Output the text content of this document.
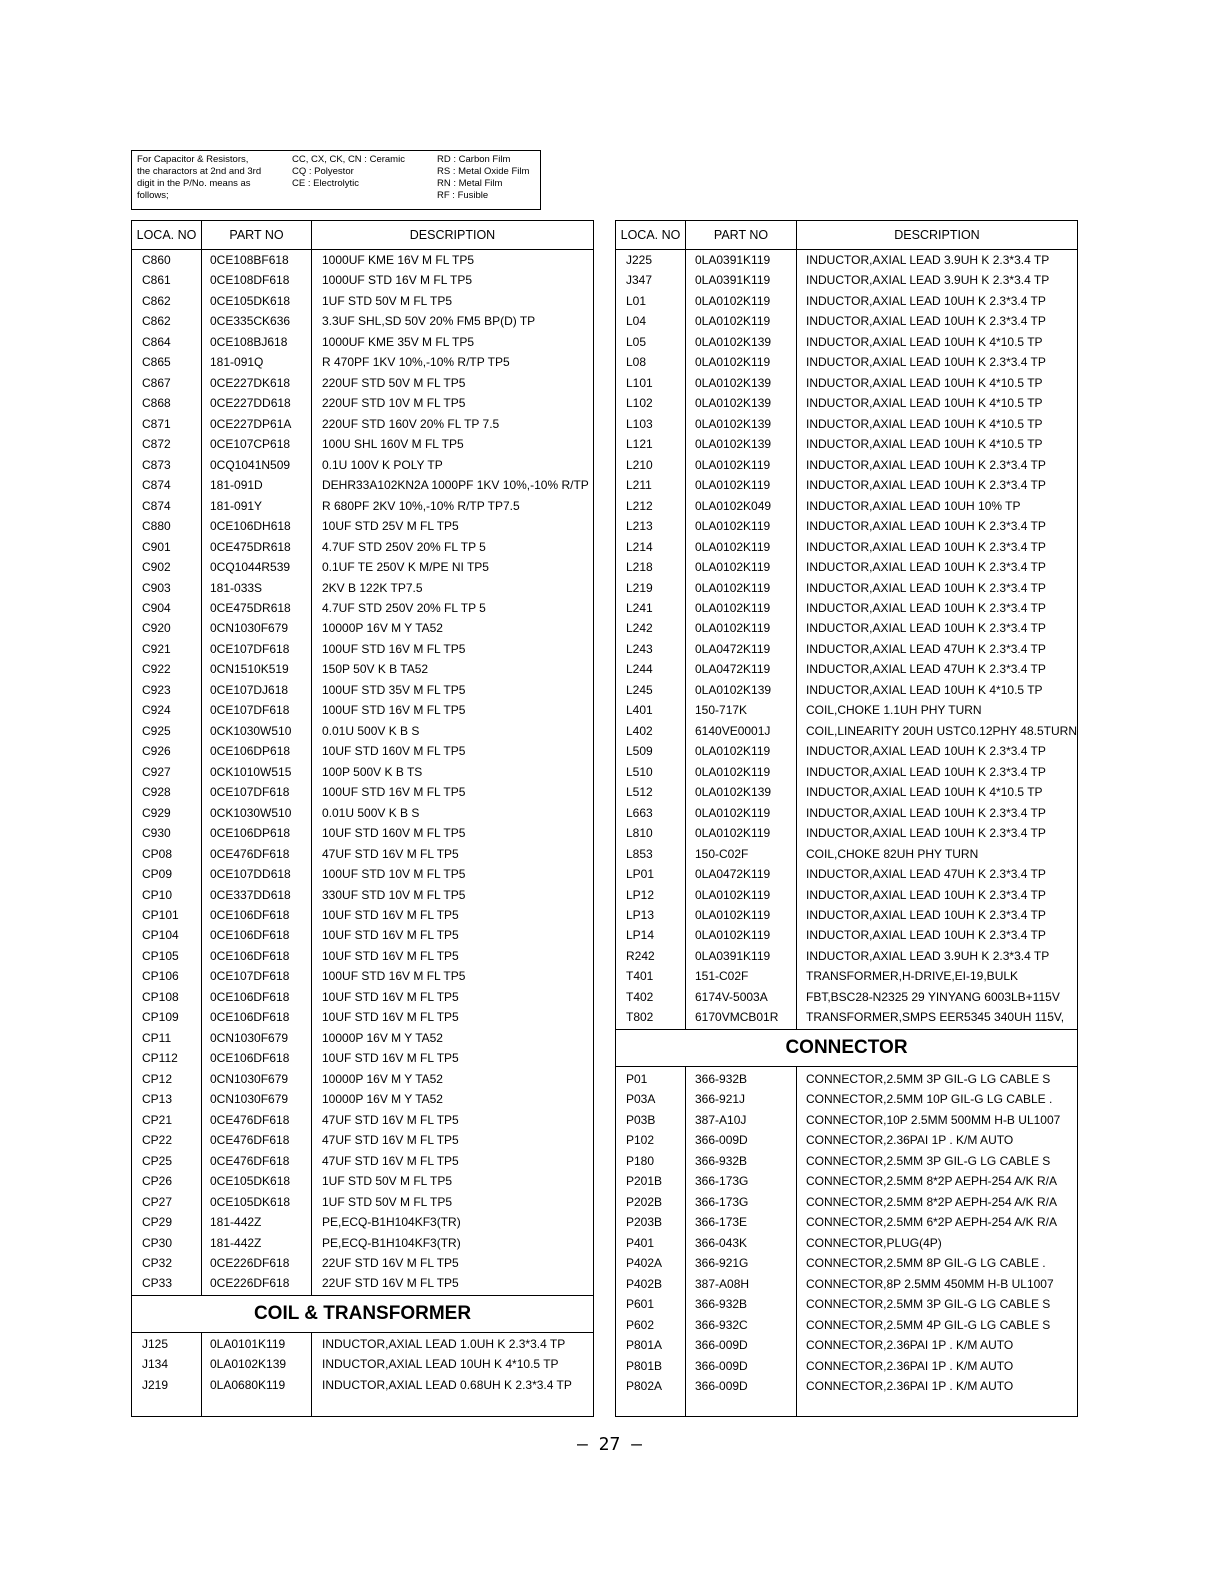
For Capacitor & Resistors,
the charactors at 2nd and 3rd
digit in the P/No. means as
follows;
CC, CX, CK, CN : Ceramic
CQ : Polyestor
CE : Electrolytic
RD : Carbon Film
RS : Metal Oxide Film
RN : Metal Film
RF : Fusible
LOCA. NO	PART NO	DESCRIPTION
C860	0CE108BF618	1000UF KME 16V M FL TP5
C861	0CE108DF618	1000UF STD 16V M FL TP5
C862	0CE105DK618	1UF STD 50V M FL TP5
C862	0CE335CK636	3.3UF SHL,SD 50V 20% FM5 BP(D) TP
C864	0CE108BJ618	1000UF KME 35V M FL TP5
C865	181-091Q	R 470PF 1KV 10%,-10% R/TP TP5
C867	0CE227DK618	220UF STD 50V M FL TP5
C868	0CE227DD618	220UF STD 10V M FL TP5
C871	0CE227DP61A	220UF STD 160V 20% FL TP 7.5
C872	0CE107CP618	100U SHL 160V M FL TP5
C873	0CQ1041N509	0.1U 100V K POLY TP
C874	181-091D	DEHR33A102KN2A 1000PF 1KV 10%,-10% R/TP
C874	181-091Y	R 680PF 2KV 10%,-10% R/TP TP7.5
C880	0CE106DH618	10UF STD 25V M FL TP5
C901	0CE475DR618	4.7UF STD 250V 20% FL TP 5
C902	0CQ1044R539	0.1UF TE 250V K M/PE NI TP5
C903	181-033S	2KV B 122K TP7.5
C904	0CE475DR618	4.7UF STD 250V 20% FL TP 5
C920	0CN1030F679	10000P 16V M Y TA52
C921	0CE107DF618	100UF STD 16V M FL TP5
C922	0CN1510K519	150P 50V K B TA52
C923	0CE107DJ618	100UF STD 35V M FL TP5
C924	0CE107DF618	100UF STD 16V M FL TP5
C925	0CK1030W510	0.01U 500V K B S
C926	0CE106DP618	10UF STD 160V M FL TP5
C927	0CK1010W515	100P 500V K B TS
C928	0CE107DF618	100UF STD 16V M FL TP5
C929	0CK1030W510	0.01U 500V K B S
C930	0CE106DP618	10UF STD 160V M FL TP5
CP08	0CE476DF618	47UF STD 16V M FL TP5
CP09	0CE107DD618	100UF STD 10V M FL TP5
CP10	0CE337DD618	330UF STD 10V M FL TP5
CP101	0CE106DF618	10UF STD 16V M FL TP5
CP104	0CE106DF618	10UF STD 16V M FL TP5
CP105	0CE106DF618	10UF STD 16V M FL TP5
CP106	0CE107DF618	100UF STD 16V M FL TP5
CP108	0CE106DF618	10UF STD 16V M FL TP5
CP109	0CE106DF618	10UF STD 16V M FL TP5
CP11	0CN1030F679	10000P 16V M Y TA52
CP112	0CE106DF618	10UF STD 16V M FL TP5
CP12	0CN1030F679	10000P 16V M Y TA52
CP13	0CN1030F679	10000P 16V M Y TA52
CP21	0CE476DF618	47UF STD 16V M FL TP5
CP22	0CE476DF618	47UF STD 16V M FL TP5
CP25	0CE476DF618	47UF STD 16V M FL TP5
CP26	0CE105DK618	1UF STD 50V M FL TP5
CP27	0CE105DK618	1UF STD 50V M FL TP5
CP29	181-442Z	PE,ECQ-B1H104KF3(TR)
CP30	181-442Z	PE,ECQ-B1H104KF3(TR)
CP32	0CE226DF618	22UF STD 16V M FL TP5
CP33	0CE226DF618	22UF STD 16V M FL TP5
COIL & TRANSFORMER
J125	0LA0101K119	INDUCTOR,AXIAL LEAD 1.0UH K 2.3*3.4 TP
J134	0LA0102K139	INDUCTOR,AXIAL LEAD 10UH K 4*10.5 TP
J219	0LA0680K119	INDUCTOR,AXIAL LEAD 0.68UH K 2.3*3.4 TP
LOCA. NO	PART NO	DESCRIPTION
J225	0LA0391K119	INDUCTOR,AXIAL LEAD 3.9UH K 2.3*3.4 TP
J347	0LA0391K119	INDUCTOR,AXIAL LEAD 3.9UH K 2.3*3.4 TP
L01	0LA0102K119	INDUCTOR,AXIAL LEAD 10UH K 2.3*3.4 TP
L04	0LA0102K119	INDUCTOR,AXIAL LEAD 10UH K 2.3*3.4 TP
L05	0LA0102K139	INDUCTOR,AXIAL LEAD 10UH K 4*10.5 TP
L08	0LA0102K119	INDUCTOR,AXIAL LEAD 10UH K 2.3*3.4 TP
L101	0LA0102K139	INDUCTOR,AXIAL LEAD 10UH K 4*10.5 TP
L102	0LA0102K139	INDUCTOR,AXIAL LEAD 10UH K 4*10.5 TP
L103	0LA0102K139	INDUCTOR,AXIAL LEAD 10UH K 4*10.5 TP
L121	0LA0102K139	INDUCTOR,AXIAL LEAD 10UH K 4*10.5 TP
L210	0LA0102K119	INDUCTOR,AXIAL LEAD 10UH K 2.3*3.4 TP
L211	0LA0102K119	INDUCTOR,AXIAL LEAD 10UH K 2.3*3.4 TP
L212	0LA0102K049	INDUCTOR,AXIAL LEAD 10UH 10% TP
L213	0LA0102K119	INDUCTOR,AXIAL LEAD 10UH K 2.3*3.4 TP
L214	0LA0102K119	INDUCTOR,AXIAL LEAD 10UH K 2.3*3.4 TP
L218	0LA0102K119	INDUCTOR,AXIAL LEAD 10UH K 2.3*3.4 TP
L219	0LA0102K119	INDUCTOR,AXIAL LEAD 10UH K 2.3*3.4 TP
L241	0LA0102K119	INDUCTOR,AXIAL LEAD 10UH K 2.3*3.4 TP
L242	0LA0102K119	INDUCTOR,AXIAL LEAD 10UH K 2.3*3.4 TP
L243	0LA0472K119	INDUCTOR,AXIAL LEAD 47UH K 2.3*3.4 TP
L244	0LA0472K119	INDUCTOR,AXIAL LEAD 47UH K 2.3*3.4 TP
L245	0LA0102K139	INDUCTOR,AXIAL LEAD 10UH K 4*10.5 TP
L401	150-717K	COIL,CHOKE 1.1UH PHY TURN
L402	6140VE0001J	COIL,LINEARITY 20UH USTC0.12PHY 48.5TURN
L509	0LA0102K119	INDUCTOR,AXIAL LEAD 10UH K 2.3*3.4 TP
L510	0LA0102K119	INDUCTOR,AXIAL LEAD 10UH K 2.3*3.4 TP
L512	0LA0102K139	INDUCTOR,AXIAL LEAD 10UH K 4*10.5 TP
L663	0LA0102K119	INDUCTOR,AXIAL LEAD 10UH K 2.3*3.4 TP
L810	0LA0102K119	INDUCTOR,AXIAL LEAD 10UH K 2.3*3.4 TP
L853	150-C02F	COIL,CHOKE 82UH PHY TURN
LP01	0LA0472K119	INDUCTOR,AXIAL LEAD 47UH K 2.3*3.4 TP
LP12	0LA0102K119	INDUCTOR,AXIAL LEAD 10UH K 2.3*3.4 TP
LP13	0LA0102K119	INDUCTOR,AXIAL LEAD 10UH K 2.3*3.4 TP
LP14	0LA0102K119	INDUCTOR,AXIAL LEAD 10UH K 2.3*3.4 TP
R242	0LA0391K119	INDUCTOR,AXIAL LEAD 3.9UH K 2.3*3.4 TP
T401	151-C02F	TRANSFORMER,H-DRIVE,EI-19,BULK
T402	6174V-5003A	FBT,BSC28-N2325 29 YINYANG 6003LB+115V
T802	6170VMCB01R TRANSFORMER,SMPS EER5345 340UH 115V,
CONNECTOR
P01	366-932B	CONNECTOR,2.5MM 3P GIL-G LG CABLE S
P03A	366-921J	CONNECTOR,2.5MM 10P GIL-G LG CABLE .
P03B	387-A10J	CONNECTOR,10P 2.5MM 500MM H-B UL1007
P102	366-009D	CONNECTOR,2.36PAI 1P . K/M AUTO
P180	366-932B	CONNECTOR,2.5MM 3P GIL-G LG CABLE S
P201B	366-173G	CONNECTOR,2.5MM 8*2P AEPH-254 A/K R/A
P202B	366-173G	CONNECTOR,2.5MM 8*2P AEPH-254 A/K R/A
P203B	366-173E	CONNECTOR,2.5MM 6*2P AEPH-254 A/K R/A
P401	366-043K	CONNECTOR,PLUG(4P)
P402A	366-921G	CONNECTOR,2.5MM 8P GIL-G LG CABLE .
P402B	387-A08H	CONNECTOR,8P 2.5MM 450MM H-B UL1007
P601	366-932B	CONNECTOR,2.5MM 3P GIL-G LG CABLE S
P602	366-932C	CONNECTOR,2.5MM 4P GIL-G LG CABLE S
P801A	366-009D	CONNECTOR,2.36PAI 1P . K/M AUTO
P801B	366-009D	CONNECTOR,2.36PAI 1P . K/M AUTO
P802A	366-009D	CONNECTOR,2.36PAI 1P . K/M AUTO
– 27 –
